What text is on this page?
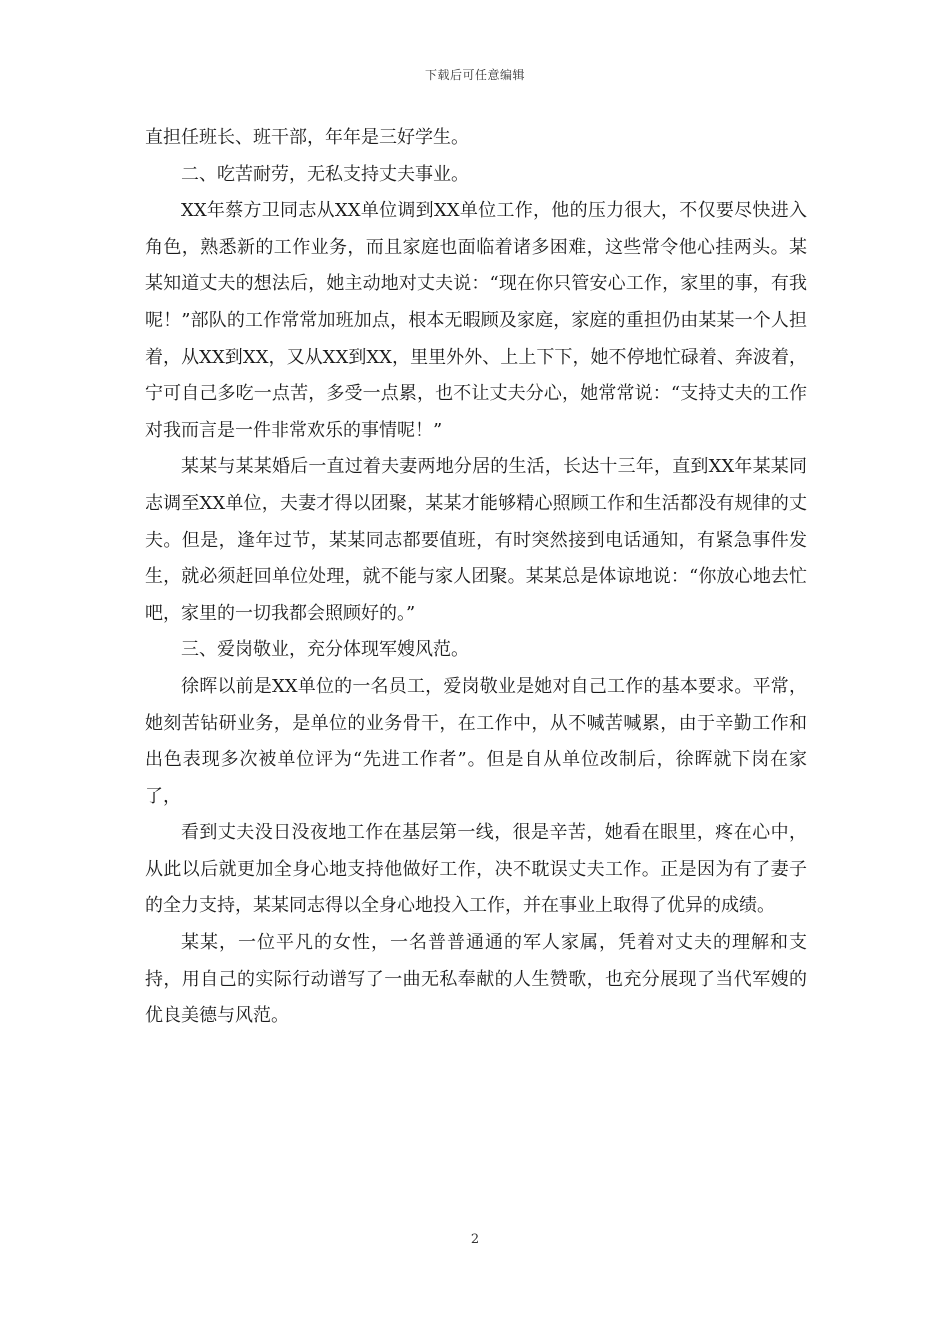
下载后可任意编辑

直担任班长、班干部，年年是三好学生。

二、吃苦耐劳，无私支持丈夫事业。

XX年蔡方卫同志从XX单位调到XX单位工作，他的压力很大，不仅要尽快进入角色，熟悉新的工作业务，而且家庭也面临着诸多困难，这些常令他心挂两头。某某知道丈夫的想法后，她主动地对丈夫说：“现在你只管安心工作，家里的事，有我呢！”部队的工作常常加班加点，根本无暇顾及家庭，家庭的重担仍由某某一个人担着，从XX到XX，又从XX到XX，里里外外、上上下下，她不停地忙碌着、奔波着，宁可自己多吃一点苦，多受一点累，也不让丈夫分心，她常常说：“支持丈夫的工作对我而言是一件非常欢乐的事情呢！”

某某与某某婚后一直过着夫妻两地分居的生活，长达十三年，直到XX年某某同志调至XX单位，夫妻才得以团聚，某某才能够精心照顾工作和生活都没有规律的丈夫。但是，逢年过节，某某同志都要值班，有时突然接到电话通知，有紧急事件发生，就必须赶回单位处理，就不能与家人团聚。某某总是体谅地说：“你放心地去忙吧，家里的一切我都会照顾好的。”

三、爱岗敬业，充分体现军嫂风范。

徐晖以前是XX单位的一名员工，爱岗敬业是她对自己工作的基本要求。平常，她刻苦钻研业务，是单位的业务骨干，在工作中，从不喊苦喊累，由于辛勤工作和出色表现多次被单位评为“先进工作者”。但是自从单位改制后，徐晖就下岗在家了，

看到丈夫没日没夜地工作在基层第一线，很是辛苦，她看在眼里，疼在心中，从此以后就更加全身心地支持他做好工作，决不耽误丈夫工作。正是因为有了妻子的全力支持，某某同志得以全身心地投入工作，并在事业上取得了优异的成绩。

某某，一位平凡的女性，一名普普通通的军人家属，凭着对丈夫的理解和支持，用自己的实际行动谱写了一曲无私奉献的人生赞歌，也充分展现了当代军嫂的优良美德与风范。

2
